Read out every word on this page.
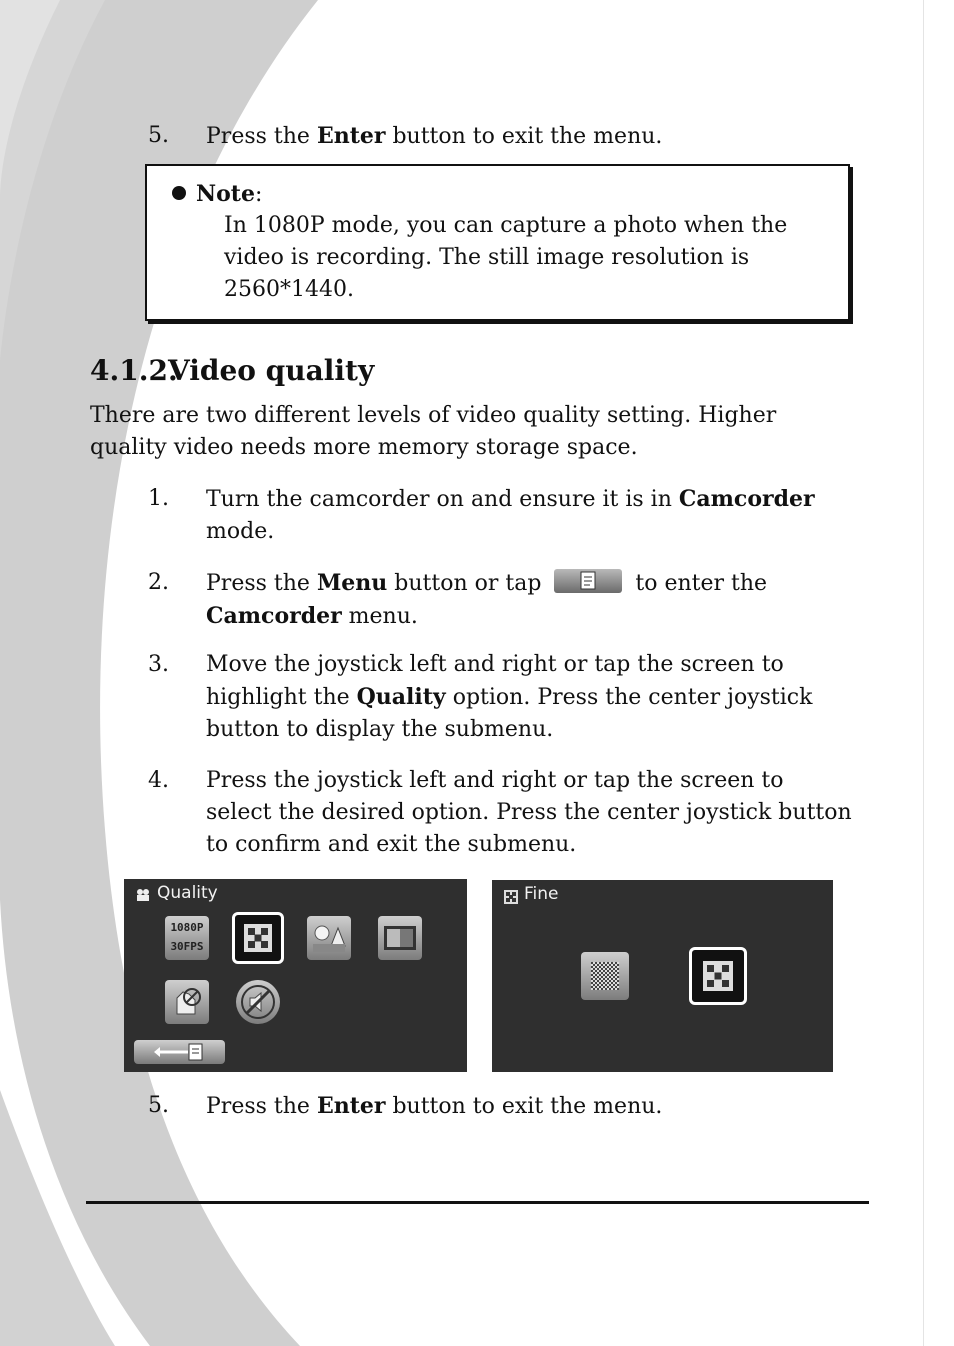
5. Press the Enter button to exit the menu.
Note:
In 1080P mode, you can capture a photo when the video is recording. The still image resolution is 2560*1440.
4.1.2.Video quality
There are two different levels of video quality setting. Higher quality video needs more memory storage space.
1. Turn the camcorder on and ensure it is in Camcorder mode.
2. Press the Menu button or tap	to enter the Camcorder menu.
3. Move the joystick left and right or tap the screen to highlight the Quality option. Press the center joystick button to display the submenu.
4. Press the joystick left and right or tap the screen to select the desired option. Press the center joystick button to confirm and exit the submenu.
Quality
1080P
30FPS
Fine
5. Press the Enter button to exit the menu.
